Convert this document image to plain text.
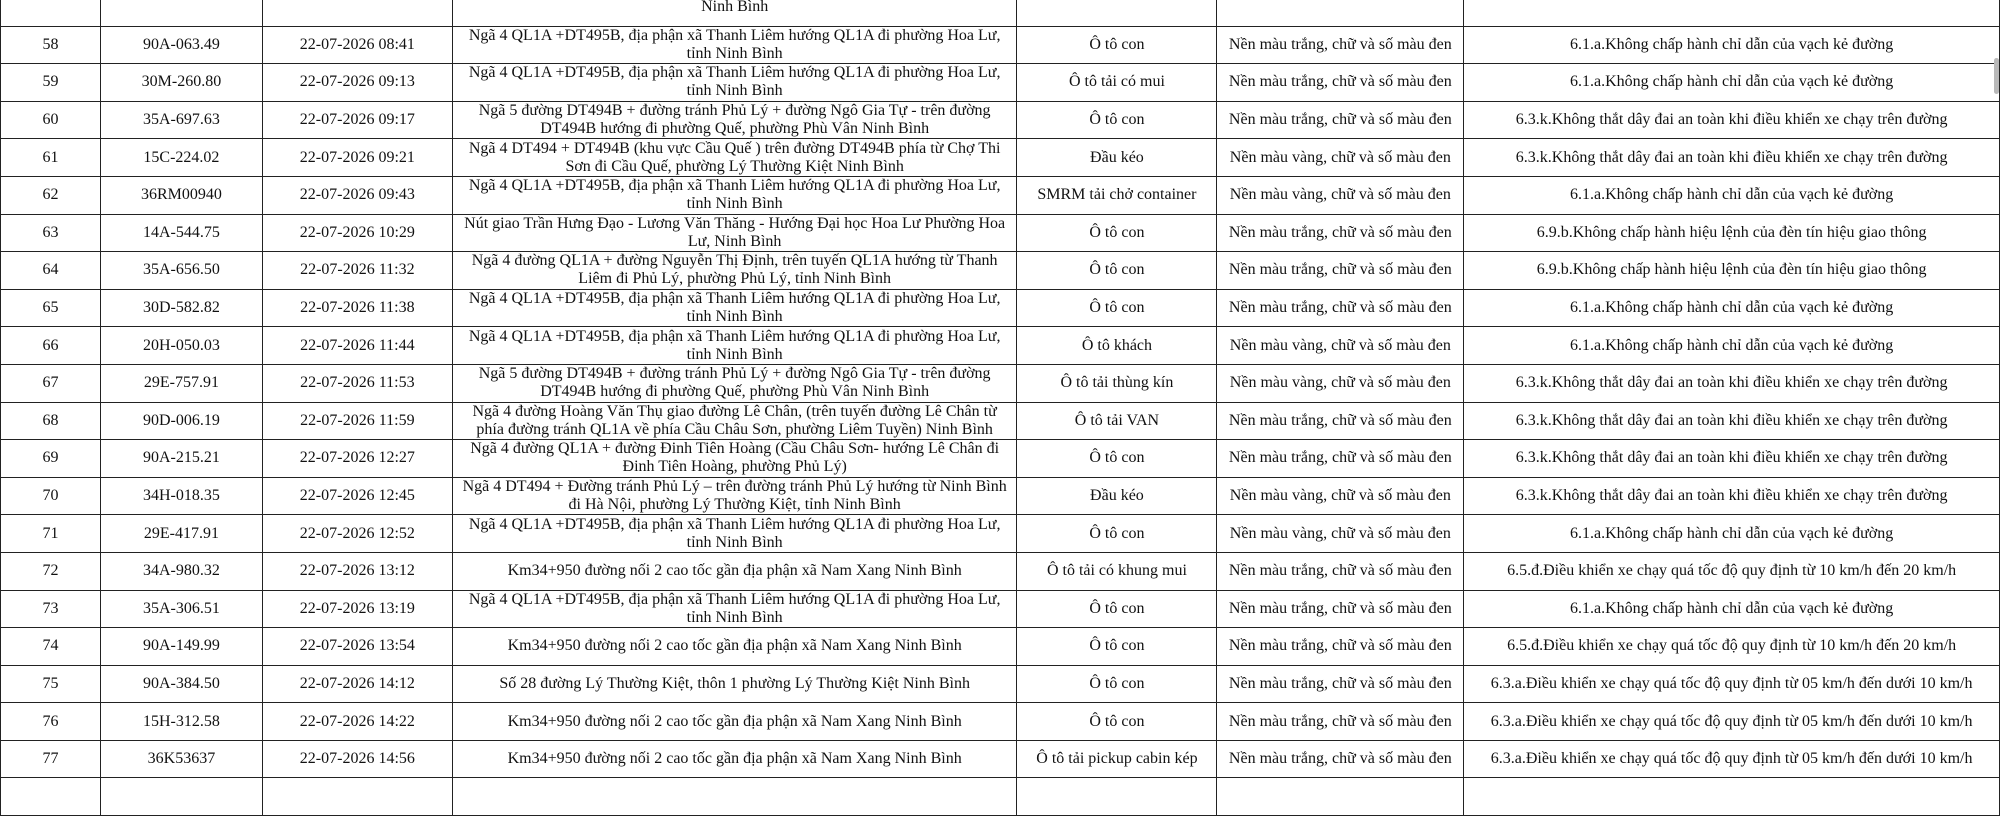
			Ninh Bình			
58	90A-063.49	22-07-2026 08:41	Ngã 4 QL1A +DT495B, địa phận xã Thanh Liêm hướng QL1A đi phường Hoa Lư, tỉnh Ninh Bình	Ô tô con	Nền màu trắng, chữ và số màu đen	6.1.a.Không chấp hành chỉ dẫn của vạch kẻ đường
59	30M-260.80	22-07-2026 09:13	Ngã 4 QL1A +DT495B, địa phận xã Thanh Liêm hướng QL1A đi phường Hoa Lư, tỉnh Ninh Bình	Ô tô tải có mui	Nền màu trắng, chữ và số màu đen	6.1.a.Không chấp hành chỉ dẫn của vạch kẻ đường
60	35A-697.63	22-07-2026 09:17	Ngã 5 đường DT494B + đường tránh Phủ Lý + đường Ngô Gia Tự - trên đường DT494B hướng đi phường Quế, phường Phù Vân Ninh Bình	Ô tô con	Nền màu trắng, chữ và số màu đen	6.3.k.Không thắt dây đai an toàn khi điều khiển xe chạy trên đường
61	15C-224.02	22-07-2026 09:21	Ngã 4 DT494 + DT494B (khu vực Cầu Quế ) trên đường DT494B phía từ Chợ Thi Sơn đi Cầu Quế, phường Lý Thường Kiệt Ninh Bình	Đầu kéo	Nền màu vàng, chữ và số màu đen	6.3.k.Không thắt dây đai an toàn khi điều khiển xe chạy trên đường
62	36RM00940	22-07-2026 09:43	Ngã 4 QL1A +DT495B, địa phận xã Thanh Liêm hướng QL1A đi phường Hoa Lư, tỉnh Ninh Bình	SMRM tải chở container	Nền màu vàng, chữ và số màu đen	6.1.a.Không chấp hành chỉ dẫn của vạch kẻ đường
63	14A-544.75	22-07-2026 10:29	Nút giao Trần Hưng Đạo - Lương Văn Thăng - Hướng Đại học Hoa Lư Phường Hoa Lư, Ninh Bình	Ô tô con	Nền màu trắng, chữ và số màu đen	6.9.b.Không chấp hành hiệu lệnh của đèn tín hiệu giao thông
64	35A-656.50	22-07-2026 11:32	Ngã 4 đường QL1A + đường Nguyễn Thị Định, trên tuyến QL1A hướng từ Thanh Liêm đi Phủ Lý, phường Phủ Lý, tỉnh Ninh Bình	Ô tô con	Nền màu trắng, chữ và số màu đen	6.9.b.Không chấp hành hiệu lệnh của đèn tín hiệu giao thông
65	30D-582.82	22-07-2026 11:38	Ngã 4 QL1A +DT495B, địa phận xã Thanh Liêm hướng QL1A đi phường Hoa Lư, tỉnh Ninh Bình	Ô tô con	Nền màu trắng, chữ và số màu đen	6.1.a.Không chấp hành chỉ dẫn của vạch kẻ đường
66	20H-050.03	22-07-2026 11:44	Ngã 4 QL1A +DT495B, địa phận xã Thanh Liêm hướng QL1A đi phường Hoa Lư, tỉnh Ninh Bình	Ô tô khách	Nền màu vàng, chữ và số màu đen	6.1.a.Không chấp hành chỉ dẫn của vạch kẻ đường
67	29E-757.91	22-07-2026 11:53	Ngã 5 đường DT494B + đường tránh Phủ Lý + đường Ngô Gia Tự - trên đường DT494B hướng đi phường Quế, phường Phù Vân Ninh Bình	Ô tô tải thùng kín	Nền màu vàng, chữ và số màu đen	6.3.k.Không thắt dây đai an toàn khi điều khiển xe chạy trên đường
68	90D-006.19	22-07-2026 11:59	Ngã 4 đường Hoàng Văn Thụ giao đường Lê Chân, (trên tuyến đường Lê Chân từ phía đường tránh QL1A về phía Cầu Châu Sơn, phường Liêm Tuyền) Ninh Bình	Ô tô tải VAN	Nền màu trắng, chữ và số màu đen	6.3.k.Không thắt dây đai an toàn khi điều khiển xe chạy trên đường
69	90A-215.21	22-07-2026 12:27	Ngã 4 đường QL1A + đường Đinh Tiên Hoàng (Cầu Châu Sơn- hướng Lê Chân đi Đinh Tiên Hoàng, phường Phủ Lý)	Ô tô con	Nền màu trắng, chữ và số màu đen	6.3.k.Không thắt dây đai an toàn khi điều khiển xe chạy trên đường
70	34H-018.35	22-07-2026 12:45	Ngã 4 DT494 + Đường tránh Phủ Lý – trên đường tránh Phủ Lý hướng từ Ninh Bình đi Hà Nội, phường Lý Thường Kiệt, tỉnh Ninh Bình	Đầu kéo	Nền màu vàng, chữ và số màu đen	6.3.k.Không thắt dây đai an toàn khi điều khiển xe chạy trên đường
71	29E-417.91	22-07-2026 12:52	Ngã 4 QL1A +DT495B, địa phận xã Thanh Liêm hướng QL1A đi phường Hoa Lư, tỉnh Ninh Bình	Ô tô con	Nền màu vàng, chữ và số màu đen	6.1.a.Không chấp hành chỉ dẫn của vạch kẻ đường
72	34A-980.32	22-07-2026 13:12	Km34+950 đường nối 2 cao tốc gần địa phận xã Nam Xang Ninh Bình	Ô tô tải có khung mui	Nền màu trắng, chữ và số màu đen	6.5.đ.Điều khiển xe chạy quá tốc độ quy định từ 10 km/h đến 20 km/h
73	35A-306.51	22-07-2026 13:19	Ngã 4 QL1A +DT495B, địa phận xã Thanh Liêm hướng QL1A đi phường Hoa Lư, tỉnh Ninh Bình	Ô tô con	Nền màu trắng, chữ và số màu đen	6.1.a.Không chấp hành chỉ dẫn của vạch kẻ đường
74	90A-149.99	22-07-2026 13:54	Km34+950 đường nối 2 cao tốc gần địa phận xã Nam Xang Ninh Bình	Ô tô con	Nền màu trắng, chữ và số màu đen	6.5.đ.Điều khiển xe chạy quá tốc độ quy định từ 10 km/h đến 20 km/h
75	90A-384.50	22-07-2026 14:12	Số 28 đường Lý Thường Kiệt, thôn 1 phường Lý Thường Kiệt Ninh Bình	Ô tô con	Nền màu trắng, chữ và số màu đen	6.3.a.Điều khiển xe chạy quá tốc độ quy định từ 05 km/h đến dưới 10 km/h
76	15H-312.58	22-07-2026 14:22	Km34+950 đường nối 2 cao tốc gần địa phận xã Nam Xang Ninh Bình	Ô tô con	Nền màu trắng, chữ và số màu đen	6.3.a.Điều khiển xe chạy quá tốc độ quy định từ 05 km/h đến dưới 10 km/h
77	36K53637	22-07-2026 14:56	Km34+950 đường nối 2 cao tốc gần địa phận xã Nam Xang Ninh Bình	Ô tô tải pickup cabin kép	Nền màu trắng, chữ và số màu đen	6.3.a.Điều khiển xe chạy quá tốc độ quy định từ 05 km/h đến dưới 10 km/h
